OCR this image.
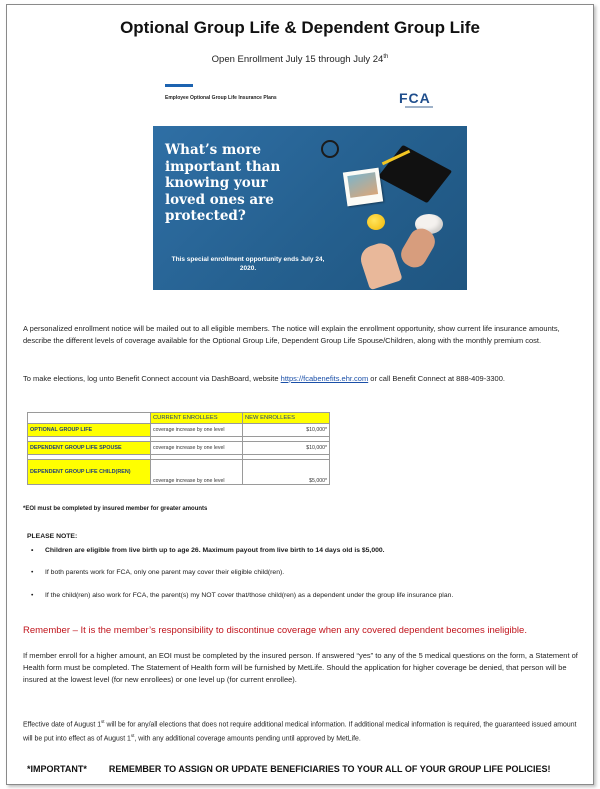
Optional Group Life & Dependent Group Life
Open Enrollment July 15 through July 24th
Employee Optional Group Life Insurance Plans	FCA
What’s more important than knowing your loved ones are protected?
This special enrollment opportunity ends July 24, 2020.
A personalized enrollment notice will be mailed out to all eligible members. The notice will explain the enrollment opportunity, show current life insurance amounts, describe the different levels of coverage available for the Optional Group Life, Dependent Group Life Spouse/Children, along with the monthly premium cost.
To make elections, log unto Benefit Connect account via DashBoard, website https://fcabenefits.ehr.com or call Benefit Connect at 888-409-3300.
	CURRENT ENROLLEES	NEW ENROLLEES
OPTIONAL GROUP LIFE	coverage increase by one level	$10,000*

DEPENDENT GROUP LIFE SPOUSE	coverage increase by one level	$10,000*

DEPENDENT GROUP LIFE CHILD(REN)	coverage increase by one level	$5,000*
*EOI must be completed by insured member for greater amounts
PLEASE NOTE:
• Children are eligible from live birth up to age 26. Maximum payout from live birth to 14 days old is $5,000.
• If both parents work for FCA, only one parent may cover their eligible child(ren).
• If the child(ren) also work for FCA, the parent(s) my NOT cover that/those child(ren) as a dependent under the group life insurance plan.
Remember – It is the member’s responsibility to discontinue coverage when any covered dependent becomes ineligible.
If member enroll for a higher amount, an EOI must be completed by the insured person. If answered “yes” to any of the 5 medical questions on the form, a Statement of Health form must be completed. The Statement of Health form will be furnished by MetLife. Should the application for higher coverage be denied, that person will be insured at the lowest level (for new enrollees) or one level up (for current enrollee).
Effective date of August 1st will be for any/all elections that does not require additional medical information. If additional medical information is required, the guaranteed issued amount will be put into effect as of August 1st, with any additional coverage amounts pending until approved by MetLife.
*IMPORTANT* REMEMBER TO ASSIGN OR UPDATE BENEFICIARIES TO YOUR ALL OF YOUR GROUP LIFE POLICIES!
